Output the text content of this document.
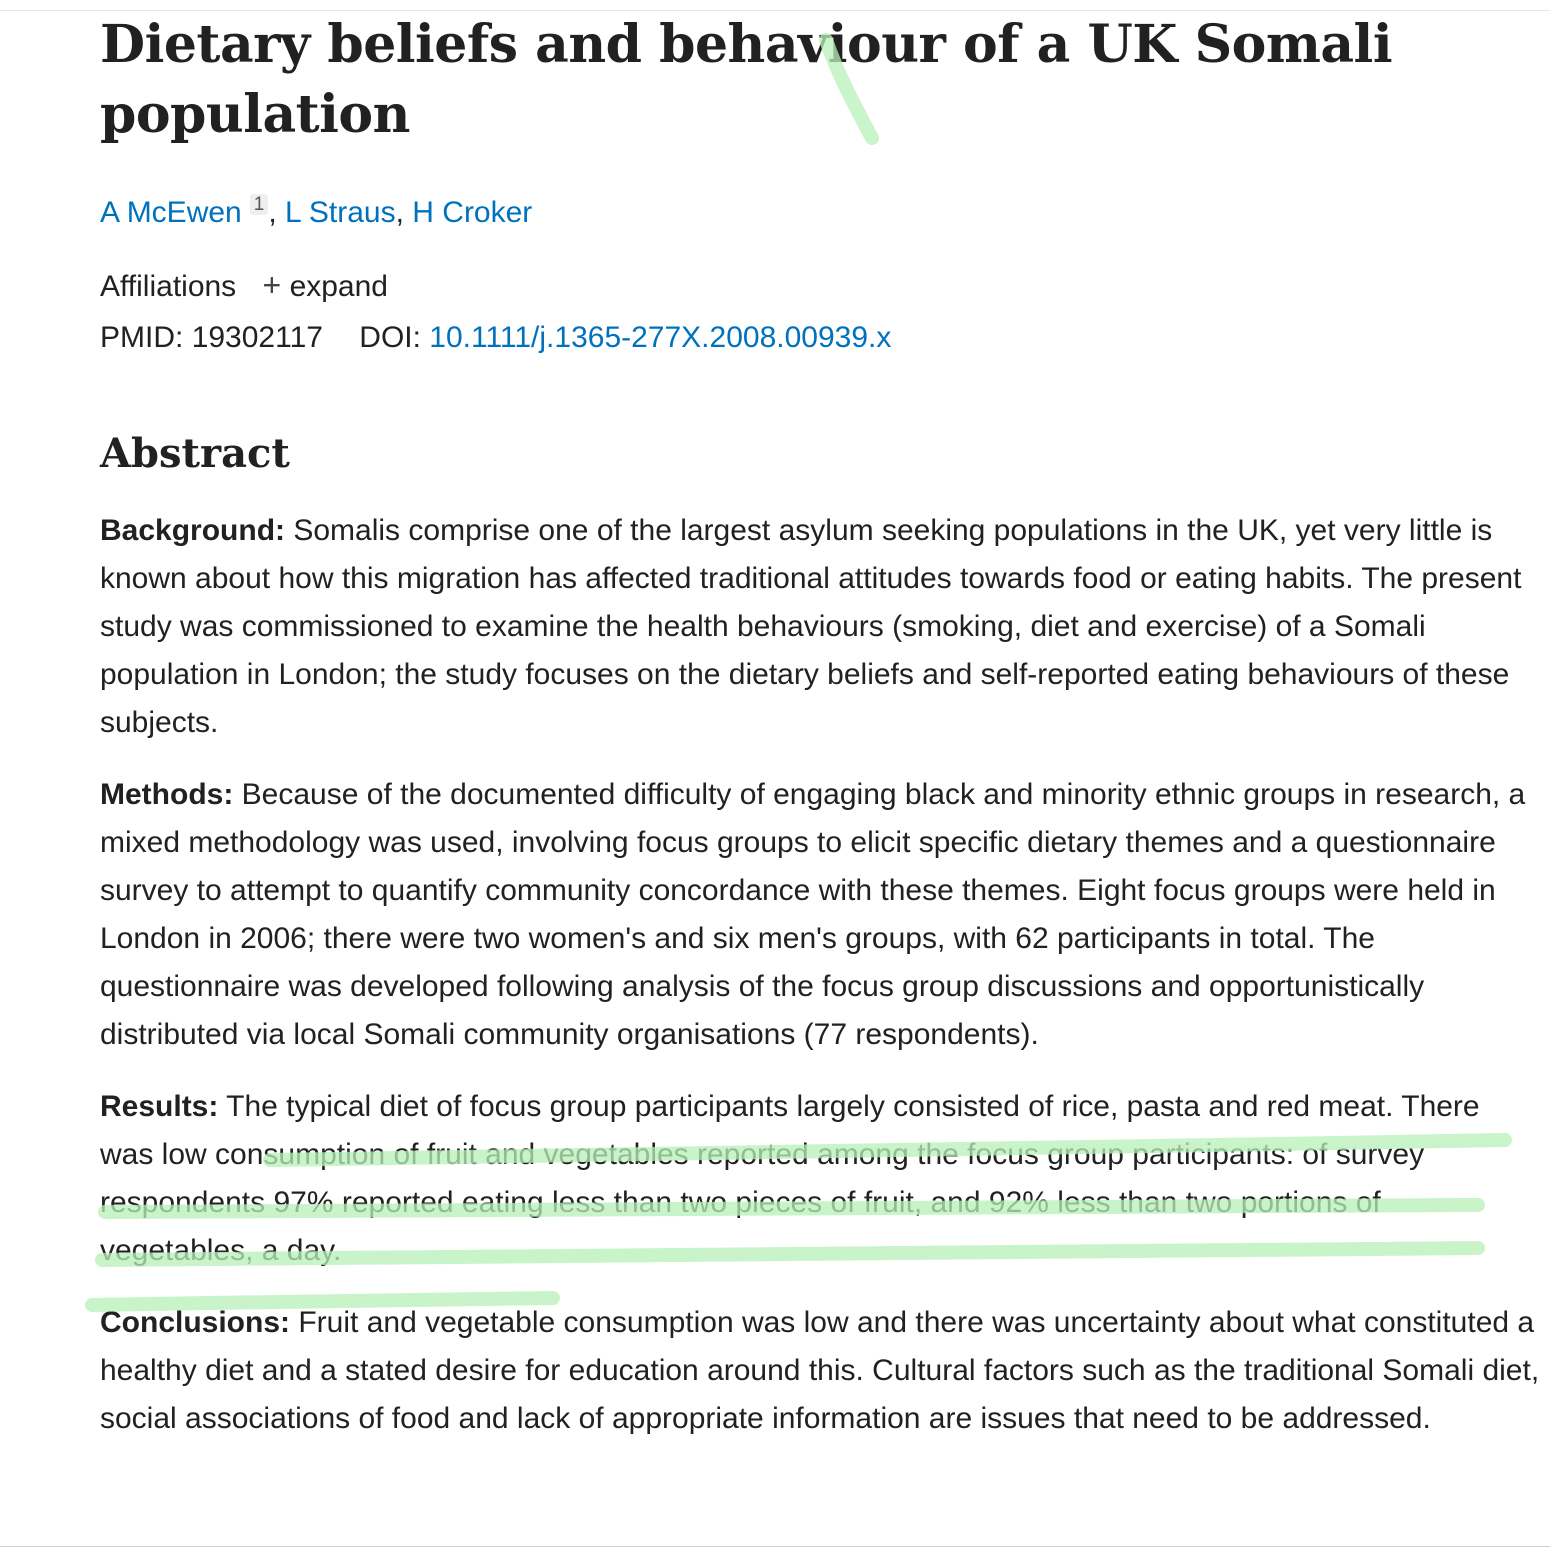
Dietary beliefs and behaviour of a UK Somali population
A McEwen $^1$ , L Straus, H Croker
Affiliations + expand
PMID: 19302117 DOI: 10.1111/j.1365-277X.2008.00939.x
Abstract

Background: Somalis comprise one of the largest asylum seeking populations in the UK, yet very little is known about how this migration has affected traditional attitudes towards food or eating habits. The present study was commissioned to examine the health behaviours (smoking, diet and exercise) of a Somali population in London; the study focuses on the dietary beliefs and self-reported eating behaviours of these subjects.

Methods: Because of the documented difficulty of engaging black and minority ethnic groups in research, a mixed methodology was used, involving focus groups to elicit specific dietary themes and a questionnaire survey to attempt to quantify community concordance with these themes. Eight focus groups were held in London in 2006; there were two women's and six men's groups, with 62 participants in total. The questionnaire was developed following analysis of the focus group discussions and opportunistically distributed via local Somali community organisations (77 respondents).

Results: The typical diet of focus group participants largely consisted of rice, pasta and red meat. There was low consumption of fruit and vegetables reported among the focus group participants: of survey respondents 97% reported eating less than two pieces of fruit, and 92% less than two portions of vegetables, a day.

Conclusions: Fruit and vegetable consumption was low and there was uncertainty about what constituted a healthy diet and a stated desire for education around this. Cultural factors such as the traditional Somali diet, social associations of food and lack of appropriate information are issues that need to be addressed.
